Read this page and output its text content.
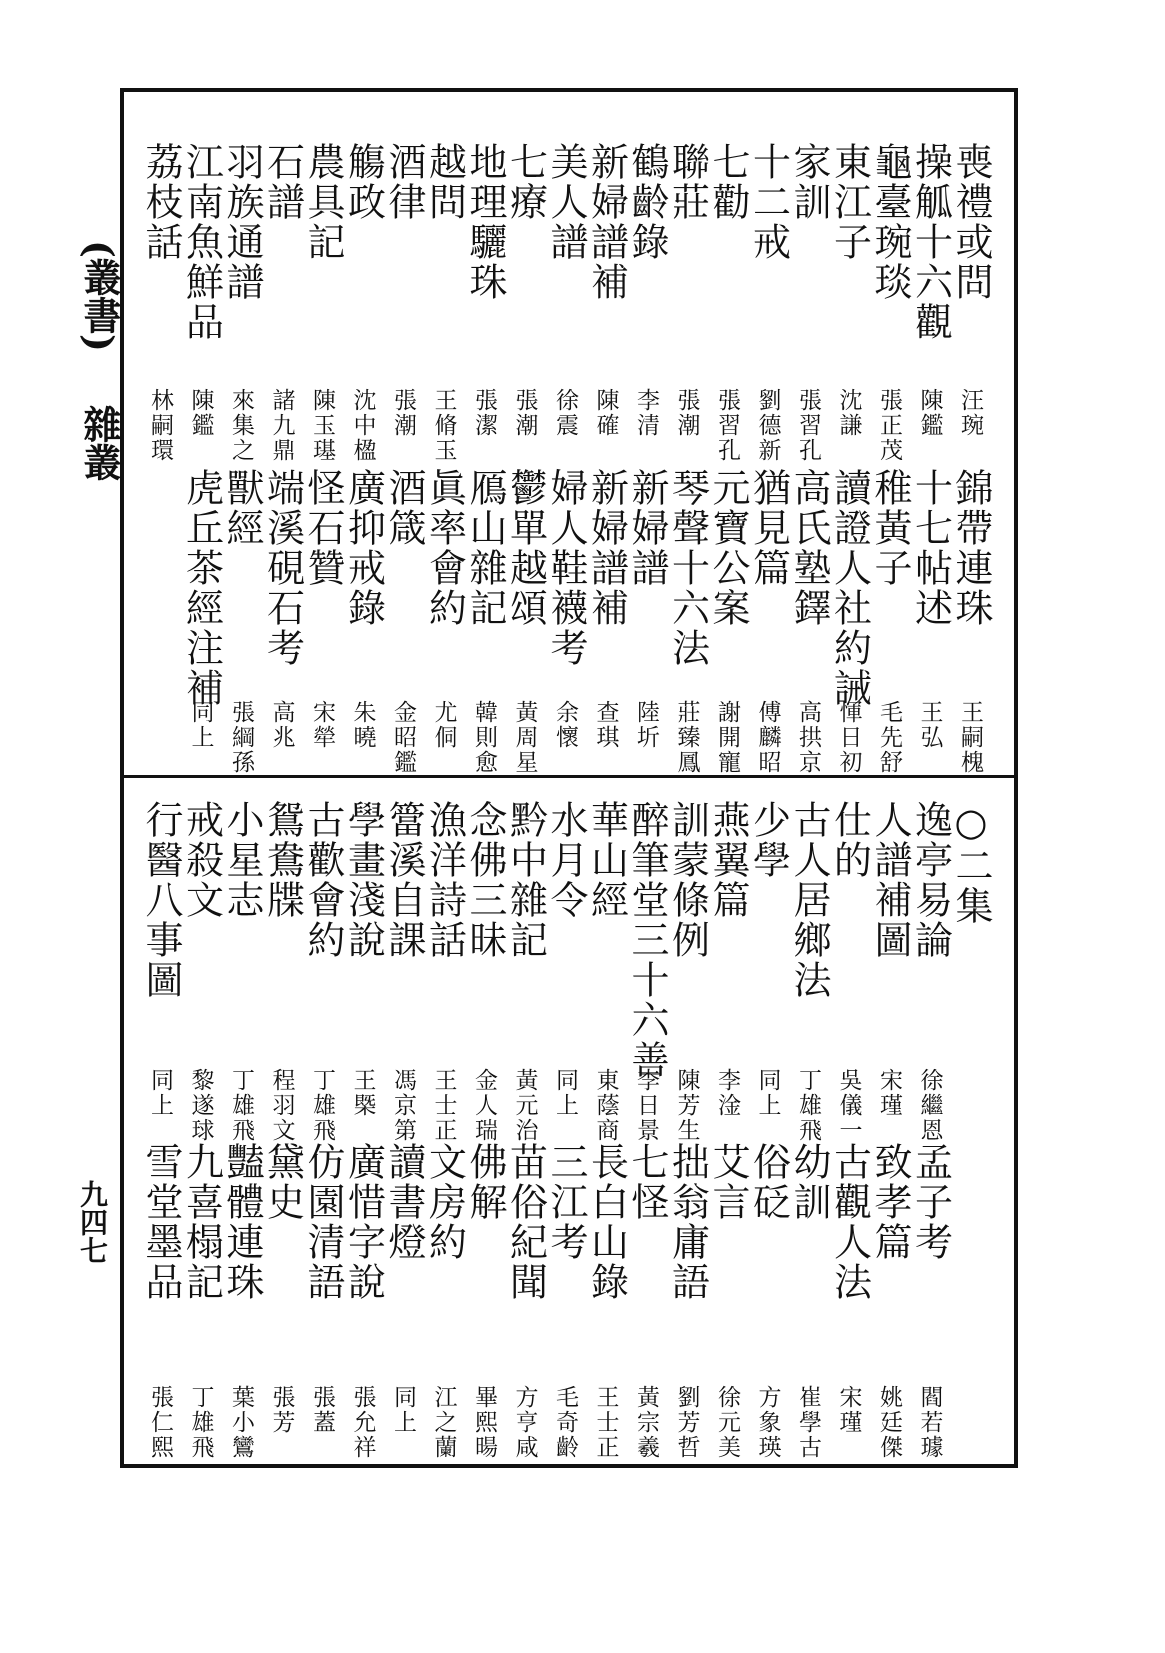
(叢書)
雜叢
九四七
喪禮或問
汪琬
錦帶連珠
王嗣槐
操觚十六觀
陳鑑
十七帖述
王弘
龜臺琬琰
張正茂
稚黃子
毛先舒
東江子
沈謙
讀證人社約誡
惲日初
家訓
張習孔
高氏塾鐸
高拱京
十二戒
劉德新
猶見篇
傅麟昭
七勸
張習孔
元寶公案
謝開寵
聯莊
張潮
琴聲十六法
莊臻鳳
鶴齡錄
李清
新婦譜
陸圻
新婦譜補
陳確
新婦譜補
查琪
美人譜
徐震
婦人鞋襪考
余懷
七療
張潮
鬱單越頌
黃周星
地理驪珠
張潔
鴈山雜記
韓則愈
越問
王脩玉
眞率會約
尤侗
酒律
張潮
酒箴
金昭鑑
觴政
沈中楹
廣抑戒錄
朱曉
農具記
陳玉璂
怪石贊
宋犖
石譜
諸九鼎
端溪硯石考
高兆
羽族通譜
來集之
獸經
張綱孫
江南魚鮮品
陳鑑
虎丘茶經注補
同上
荔枝話
林嗣環
○二集
逸亭易論
徐繼恩
孟子考
閻若璩
人譜補圖
宋瑾
致孝篇
姚廷傑
仕的
吳儀一
古觀人法
宋瑾
古人居鄉法
丁雄飛
幼訓
崔學古
少學
同上
俗砭
方象瑛
燕翼篇
李淦
艾言
徐元美
訓蒙條例
陳芳生
拙翁庸語
劉芳哲
醉筆堂三十六善
李日景
七怪
黃宗羲
華山經
東蔭商
長白山錄
王士正
水月令
同上
三江考
毛奇齡
黔中雜記
黃元治
苗俗紀聞
方亨咸
念佛三昧
金人瑞
佛解
畢熙暘
漁洋詩話
王士正
文房約
江之蘭
簹溪自課
馮京第
讀書燈
同上
學畫淺說
王槩
廣惜字說
張允祥
古歡會約
丁雄飛
仿園清語
張蓋
鴛鴦牒
程羽文
黛史
張芳
小星志
丁雄飛
豔體連珠
葉小鸞
戒殺文
黎遂球
九喜榻記
丁雄飛
行醫八事圖
同上
雪堂墨品
張仁熙
